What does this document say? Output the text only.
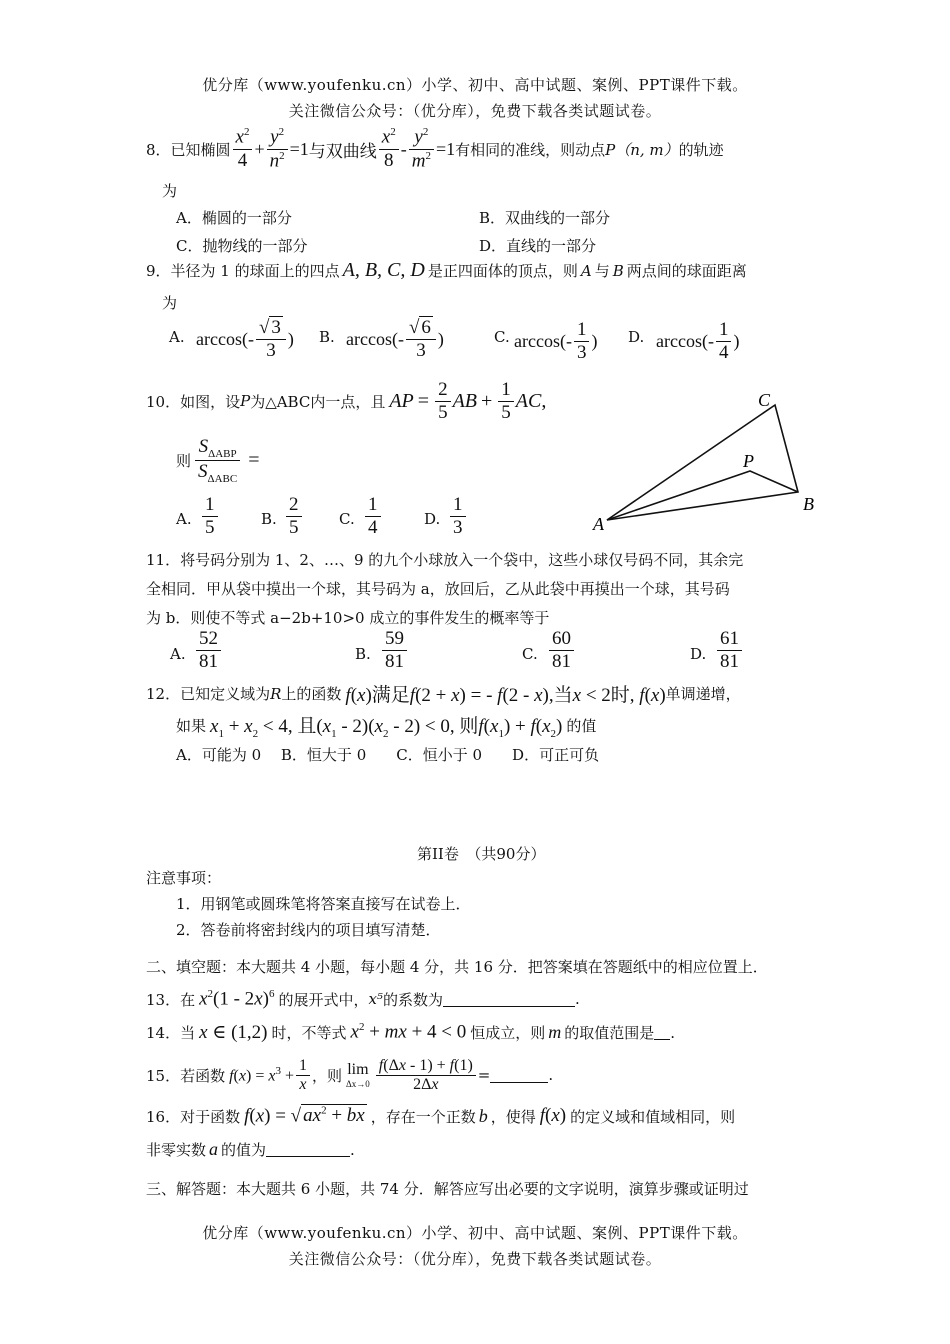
优分库（www.youfenku.cn）小学、初中、高中试题、案例、PPT课件下载。
关注微信公众号：（优分库），免费下载各类试题试卷。
8．已知椭圆 $\frac{x^2}{4} + \frac{y^2}{n^2} =1$ 与双曲线 $\frac{x^2}{8} - \frac{y^2}{m^2} =1$ 有相同的准线，则动点 P（n, m） 的轨迹
为
A．椭圆的一部分	B．双曲线的一部分
C．抛物线的一部分	D．直线的一部分
9．半径为 1 的球面上的四点 A, B, C, D 是正四面体的顶点，则 A 与 B 两点间的球面距离
为
A. $\arccos(- \frac{√ 3}{3}$ ) B. $\arccos(- \frac{√ 6}{3}$ )	C. $\arccos(- \frac{1}{3}$ ) D. $\arccos(- \frac{1}{4}$ )
10．如图，设 P 为△ABC内一点，且 AP = $\frac{2}{5}$ AB + $\frac{1}{5}$ AC ,
则 $\frac{S_{\Delta ABP}}{S_{\Delta ABC}}$ =
A. $\frac{1}{5}$	B. $\frac{2}{5}$	C. $\frac{1}{4}$	D. $\frac{1}{3}$	A
B
C
P
11．将号码分别为 1、2、…、9 的九个小球放入一个袋中，这些小球仅号码不同，其余完
全相同．甲从袋中摸出一个球，其号码为 a，放回后，乙从此袋中再摸出一个球，其号码
为 b．则使不等式 a−2b+10>0 成立的事件发生的概率等于
A. $\frac{52}{81}$	B. $\frac{59}{81}$	C. $\frac{60}{81}$	D. $\frac{61}{81}$
12．已知定义域为 R 上的函数 f(x)满足f(2 + x) = - f(2 - x),当x < 2时, f(x) 单调递增，
如果 $x_1 + x_2 < 4$, 且$(x_1 - 2)(x_2 - 2) < 0$, 则$f(x_1) + f(x_2)$ 的值
A．可能为 0　 B．恒大于 0　　C．恒小于 0　　D．可正可负
第II卷　（共90分）
注意事项：
1．用钢笔或圆珠笔将答案直接写在试卷上．
2．答卷前将密封线内的项目填写清楚．
二、填空题：本大题共 4 小题，每小题 4 分，共 16 分．把答案填在答题纸中的相应位置上．
13．在 $x^2(1 - 2x)^6$ 的展开式中， x⁵ 的系数为	.
14．当 x ∈ (1,2) 时，不等式 $x^2$ + mx + 4 < 0 恒成立，则 m 的取值范围是 .
15．若函数 $f(x) = x^3 + \frac{1}{x}$ ，则 lim
$\Delta x\to 0 \frac{f(\Delta x - 1) + f(1)}{2\Delta x}$ =	.
16．对于函数 f(x) = √ $ax^2$ + bx ，存在一个正数 b ，使得 f(x) 的定义域和值域相同，则
非零实数 a 的值为	.
三、解答题：本大题共 6 小题，共 74 分．解答应写出必要的文字说明，演算步骤或证明过
优分库（www.youfenku.cn）小学、初中、高中试题、案例、PPT课件下载。
关注微信公众号：（优分库），免费下载各类试题试卷。
